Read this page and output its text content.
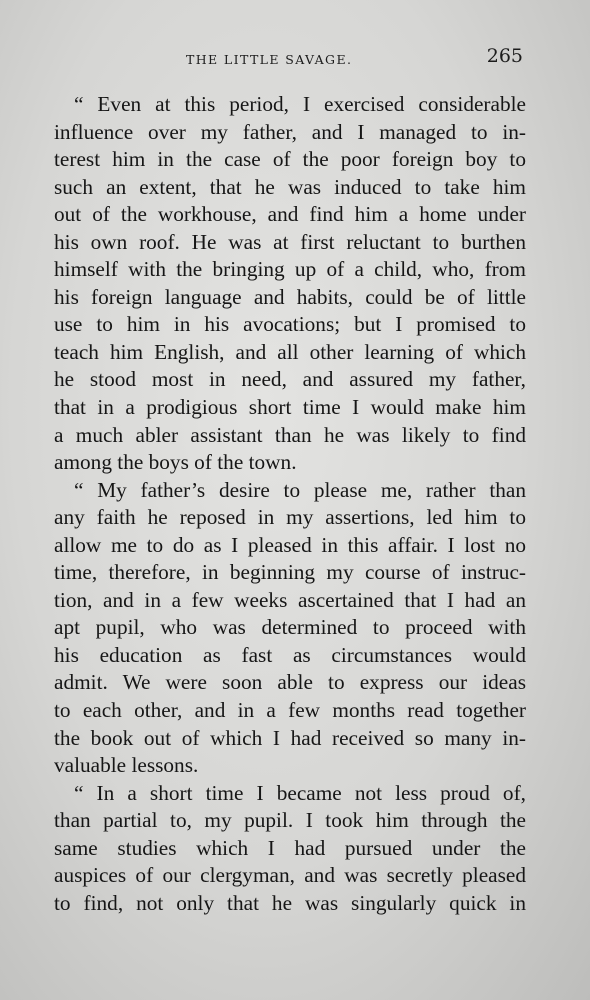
THE LITTLE SAVAGE.	265
“ Even at this period, I exercised considerable
influence over my father, and I managed to in-
terest him in the case of the poor foreign boy to
such an extent, that he was induced to take him
out of the workhouse, and find him a home under
his own roof. He was at first reluctant to burthen
himself with the bringing up of a child, who, from
his foreign language and habits, could be of little
use to him in his avocations; but I promised to
teach him English, and all other learning of which
he stood most in need, and assured my father,
that in a prodigious short time I would make him
a much abler assistant than he was likely to find
among the boys of the town.
“ My father’s desire to please me, rather than
any faith he reposed in my assertions, led him to
allow me to do as I pleased in this affair. I lost no
time, therefore, in beginning my course of instruc-
tion, and in a few weeks ascertained that I had an
apt pupil, who was determined to proceed with
his education as fast as circumstances would
admit. We were soon able to express our ideas
to each other, and in a few months read together
the book out of which I had received so many in-
valuable lessons.
“ In a short time I became not less proud of,
than partial to, my pupil. I took him through the
same studies which I had pursued under the
auspices of our clergyman, and was secretly pleased
to find, not only that he was singularly quick in
